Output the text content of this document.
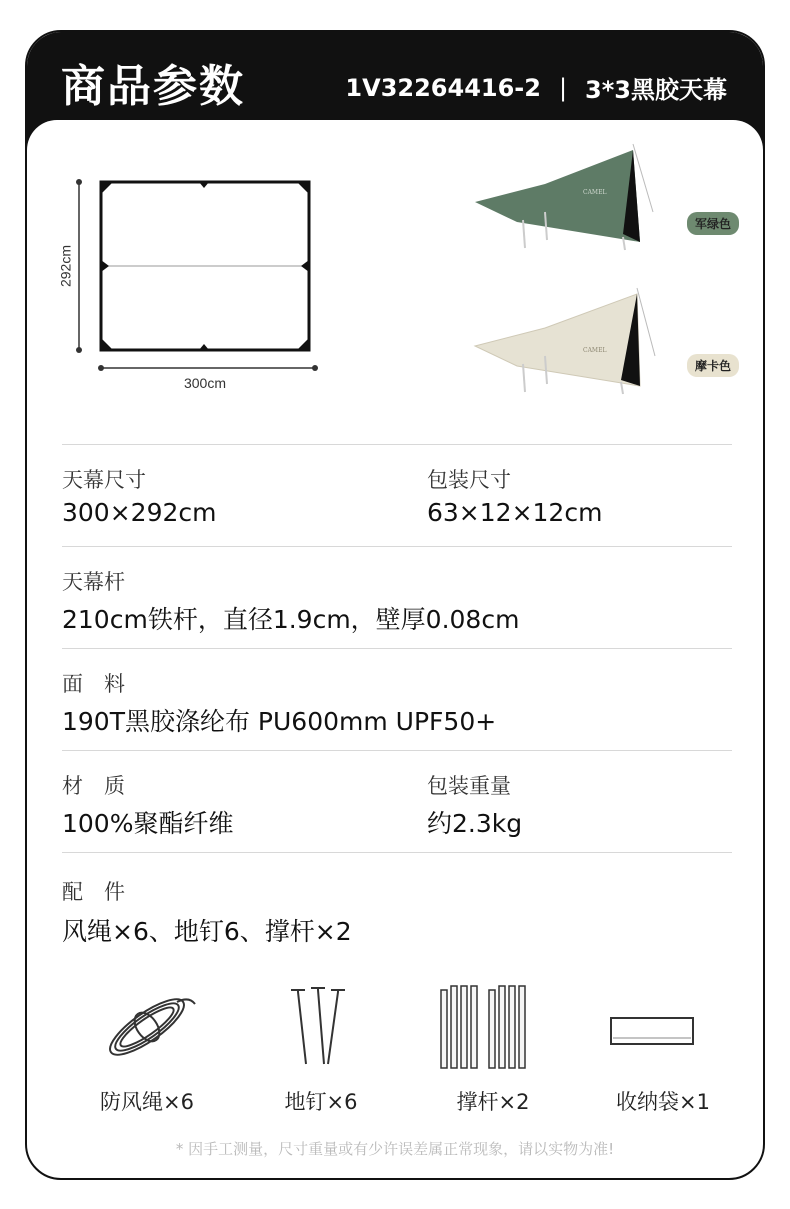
商品参数	1V32264416-2 | 3*3黑胶天幕
292cm
300cm
CAMEL
军绿色
CAMEL
摩卡色
天幕尺寸
300×292cm
包装尺寸
63×12×12cm
天幕杆
210cm铁杆，直径1.9cm，壁厚0.08cm
面　料
190T黑胶涤纶布 PU600mm UPF50+
材　质
100%聚酯纤维
包装重量
约2.3kg
配　件
风绳×6、地钉6、撑杆×2
防风绳×6	地钉×6	撑杆×2	收纳袋×1
* 因手工测量，尺寸重量或有少许误差属正常现象，请以实物为准!
